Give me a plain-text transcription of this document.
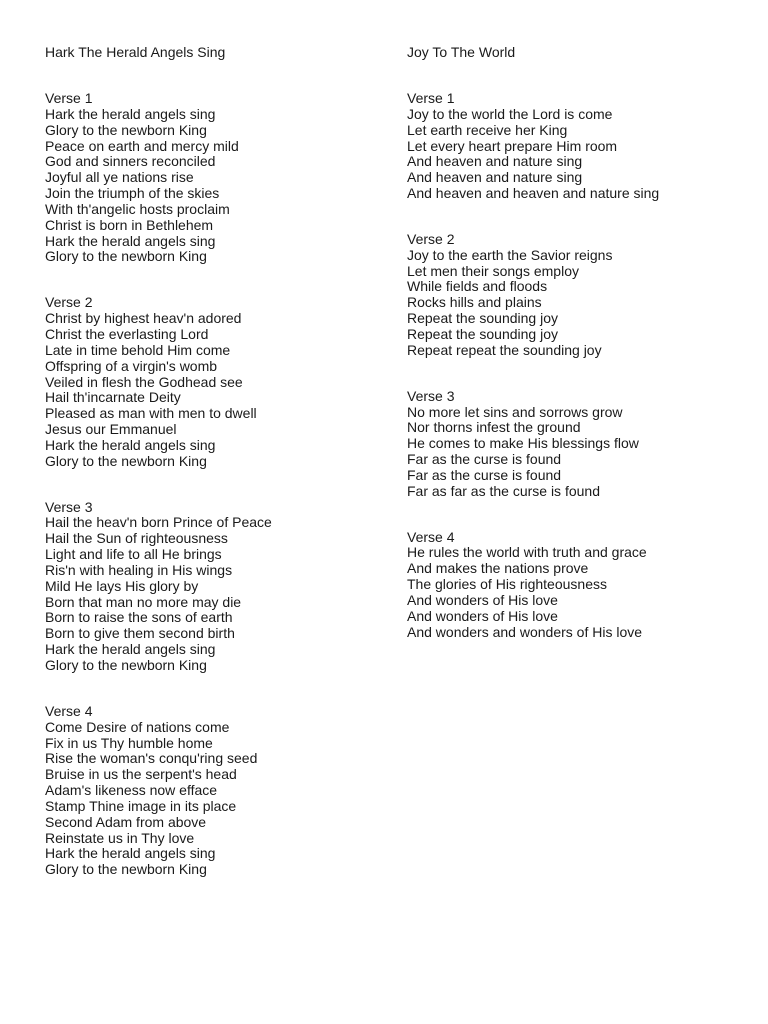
Hark The Herald Angels Sing
Verse 1
Hark the herald angels sing
Glory to the newborn King
Peace on earth and mercy mild
God and sinners reconciled
Joyful all ye nations rise
Join the triumph of the skies
With th'angelic hosts proclaim
Christ is born in Bethlehem
Hark the herald angels sing
Glory to the newborn King
Verse 2
Christ by highest heav'n adored
Christ the everlasting Lord
Late in time behold Him come
Offspring of a virgin's womb
Veiled in flesh the Godhead see
Hail th'incarnate Deity
Pleased as man with men to dwell
Jesus our Emmanuel
Hark the herald angels sing
Glory to the newborn King
Verse 3
Hail the heav'n born Prince of Peace
Hail the Sun of righteousness
Light and life to all He brings
Ris'n with healing in His wings
Mild He lays His glory by
Born that man no more may die
Born to raise the sons of earth
Born to give them second birth
Hark the herald angels sing
Glory to the newborn King
Verse 4
Come Desire of nations come
Fix in us Thy humble home
Rise the woman's conqu'ring seed
Bruise in us the serpent's head
Adam's likeness now efface
Stamp Thine image in its place
Second Adam from above
Reinstate us in Thy love
Hark the herald angels sing
Glory to the newborn King
Joy To The World
Verse 1
Joy to the world the Lord is come
Let earth receive her King
Let every heart prepare Him room
And heaven and nature sing
And heaven and nature sing
And heaven and heaven and nature sing
Verse 2
Joy to the earth the Savior reigns
Let men their songs employ
While fields and floods
Rocks hills and plains
Repeat the sounding joy
Repeat the sounding joy
Repeat repeat the sounding joy
Verse 3
No more let sins and sorrows grow
Nor thorns infest the ground
He comes to make His blessings flow
Far as the curse is found
Far as the curse is found
Far as far as the curse is found
Verse 4
He rules the world with truth and grace
And makes the nations prove
The glories of His righteousness
And wonders of His love
And wonders of His love
And wonders and wonders of His love
